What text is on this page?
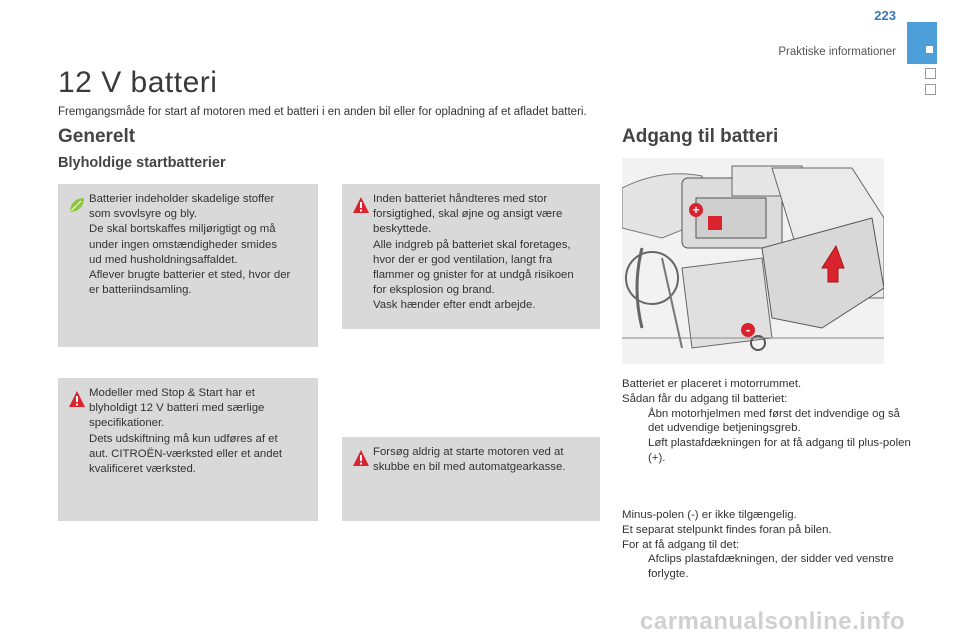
223
Praktiske informationer
12 V batteri
Fremgangsmåde for start af motoren med et batteri i en anden bil eller for opladning af et afladet batteri.
Generelt
Blyholdige startbatterier
Batterier indeholder skadelige stoffer
som svovlsyre og bly.
De skal bortskaffes miljørigtigt og må
under ingen omstændigheder smides
ud med husholdningsaffaldet.
Aflever brugte batterier et sted, hvor der
er batteriindsamling.
Inden batteriet håndteres med stor
forsigtighed, skal øjne og ansigt være
beskyttede.
Alle indgreb på batteriet skal foretages,
hvor der er god ventilation, langt fra
flammer og gnister for at undgå risikoen
for eksplosion og brand.
Vask hænder efter endt arbejde.
Modeller med Stop & Start har et
blyholdigt 12 V batteri med særlige
specifikationer.
Dets udskiftning må kun udføres af et
aut. CITROËN-værksted eller et andet
kvalificeret værksted.
Forsøg aldrig at starte motoren ved at
skubbe en bil med automatgearkasse.
Adgang til batteri
+
-
Batteriet er placeret i motorrummet.
Sådan får du adgang til batteriet:
Åbn motorhjelmen med først det indvendige og så det udvendige betjeningsgreb.
Løft plastafdækningen for at få adgang til plus-polen (+).
Minus-polen (-) er ikke tilgængelig.
Et separat stelpunkt findes foran på bilen.
For at få adgang til det:
Afclips plastafdækningen, der sidder ved venstre forlygte.
carmanualsonline.info
